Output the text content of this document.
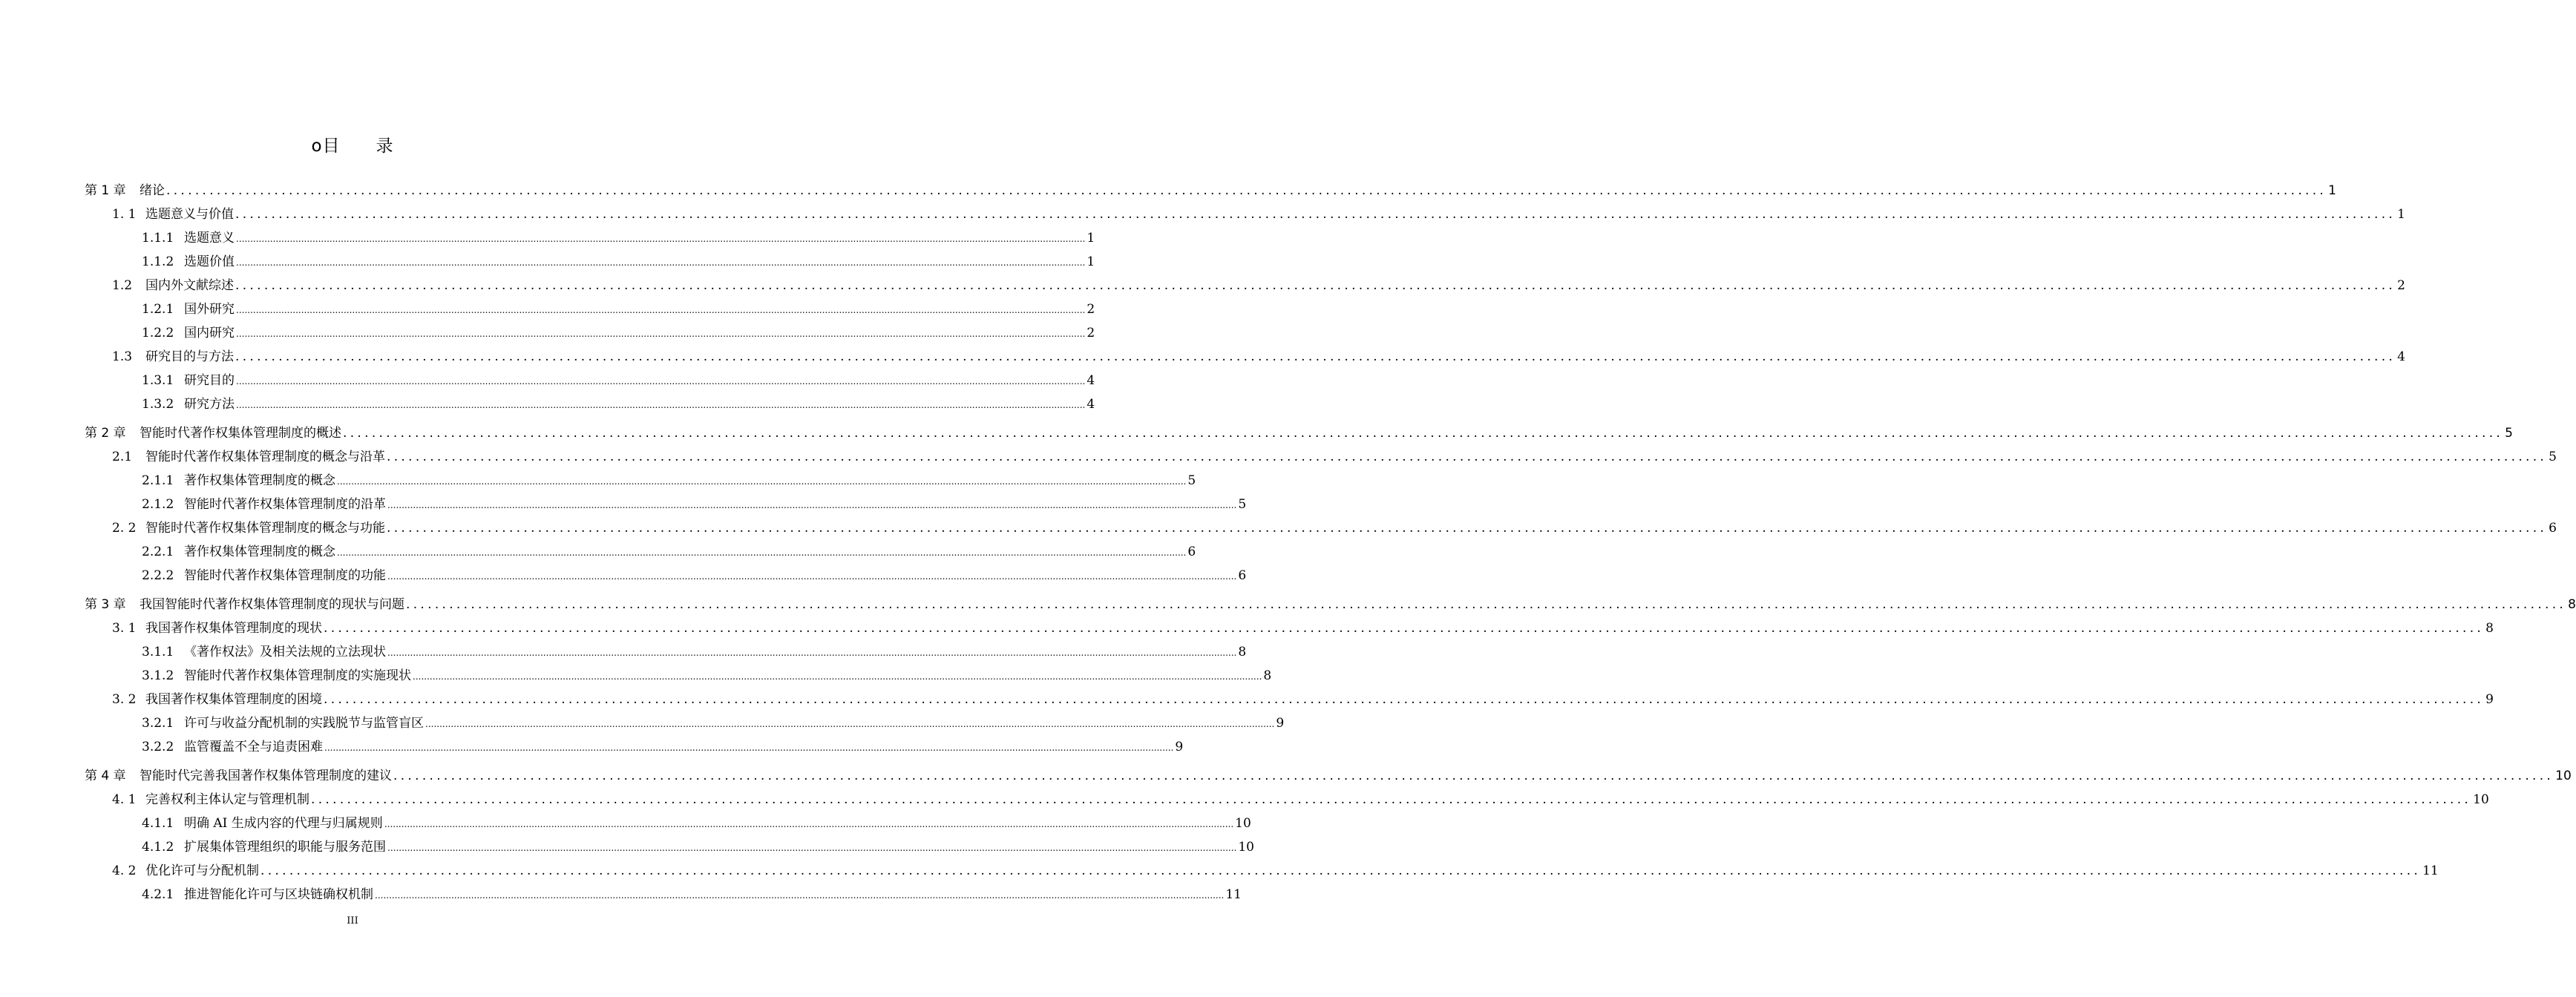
o目　　录
第 1 章	绪论 ............................................................................................................................................................................................................................................................................................................ 1
1. 1 选题意义与价值 ............................................................................................................................................................................................................................................................................................................ 1
1.1.1 选题意义 ............................................................................................................................................................................................................................................................................................................ 1
1.1.2 选题价值 ............................................................................................................................................................................................................................................................................................................ 1
1.2	国内外文献综述 ............................................................................................................................................................................................................................................................................................................ 2
1.2.1 国外研究 ............................................................................................................................................................................................................................................................................................................ 2
1.2.2 国内研究 ............................................................................................................................................................................................................................................................................................................ 2
1.3	研究目的与方法 ............................................................................................................................................................................................................................................................................................................ 4
1.3.1 研究目的 ............................................................................................................................................................................................................................................................................................................ 4
1.3.2 研究方法 ............................................................................................................................................................................................................................................................................................................ 4
第 2 章	智能时代著作权集体管理制度的概述 ............................................................................................................................................................................................................................................................................................................ 5
2.1	智能时代著作权集体管理制度的概念与沿革 ............................................................................................................................................................................................................................................................................................................ 5
2.1.1 著作权集体管理制度的概念 ............................................................................................................................................................................................................................................................................................................ 5
2.1.2 智能时代著作权集体管理制度的沿革 ............................................................................................................................................................................................................................................................................................................ 5
2. 2 智能时代著作权集体管理制度的概念与功能 ............................................................................................................................................................................................................................................................................................................ 6
2.2.1 著作权集体管理制度的概念 ............................................................................................................................................................................................................................................................................................................ 6
2.2.2 智能时代著作权集体管理制度的功能 ............................................................................................................................................................................................................................................................................................................ 6
第 3 章	我国智能时代著作权集体管理制度的现状与问题 ............................................................................................................................................................................................................................................................................................................ 8
3. 1 我国著作权集体管理制度的现状 ............................................................................................................................................................................................................................................................................................................ 8
3.1.1 《著作权法》及相关法规的立法现状 ............................................................................................................................................................................................................................................................................................................ 8
3.1.2 智能时代著作权集体管理制度的实施现状 ............................................................................................................................................................................................................................................................................................................ 8
3. 2 我国著作权集体管理制度的困境 ............................................................................................................................................................................................................................................................................................................ 9
3.2.1 许可与收益分配机制的实践脱节与监管盲区 ............................................................................................................................................................................................................................................................................................................ 9
3.2.2 监管覆盖不全与追责困难 ............................................................................................................................................................................................................................................................................................................ 9
第 4 章	智能时代完善我国著作权集体管理制度的建议 ............................................................................................................................................................................................................................................................................................................ 10
4. 1 完善权利主体认定与管理机制 ............................................................................................................................................................................................................................................................................................................ 10
4.1.1 明确 AI 生成内容的代理与归属规则 ............................................................................................................................................................................................................................................................................................................ 10
4.1.2 扩展集体管理组织的职能与服务范围 ............................................................................................................................................................................................................................................................................................................ 10
4. 2 优化许可与分配机制 ............................................................................................................................................................................................................................................................................................................ 11
4.2.1 推进智能化许可与区块链确权机制 ............................................................................................................................................................................................................................................................................................................ 11
III
